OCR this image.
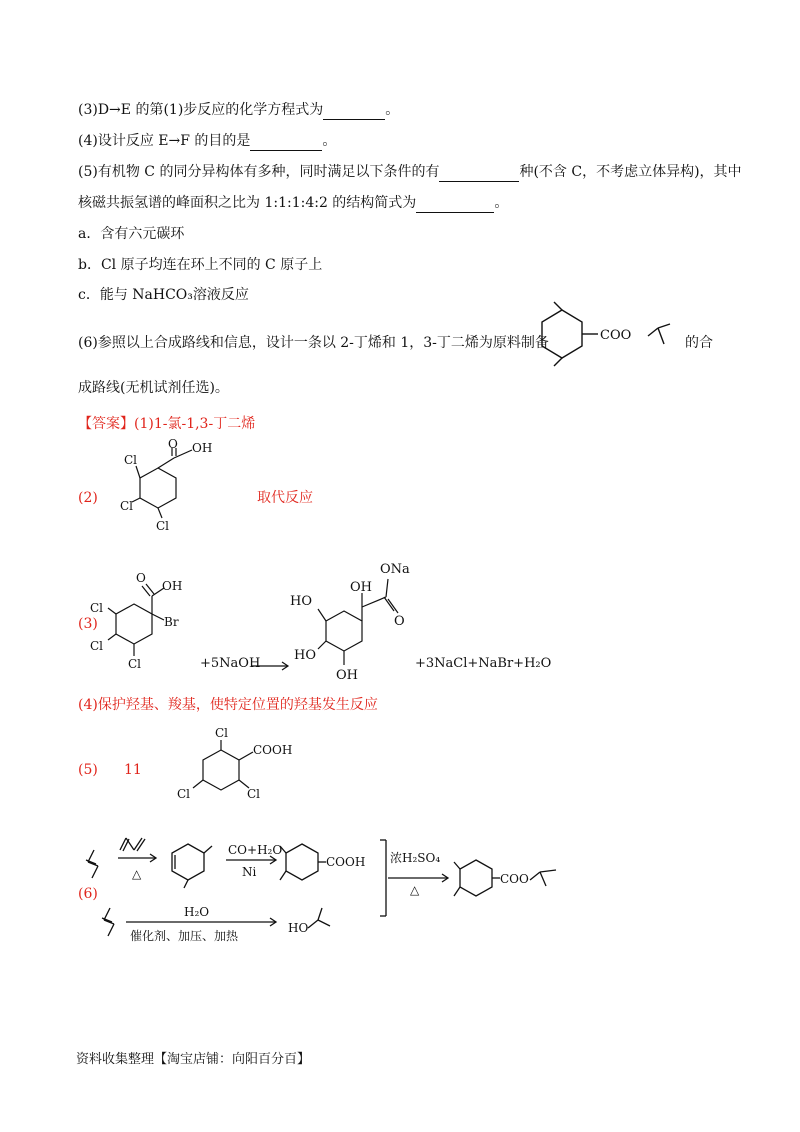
(3)D→E 的第(1)步反应的化学方程式为	。
(4)设计反应 E→F 的目的是	。
(5)有机物 C 的同分异构体有多种，同时满足以下条件的有	种(不含 C，不考虑立体异构)，其中
核磁共振氢谱的峰面积之比为 1:1:1:4:2 的结构简式为	。
a．含有六元碳环
b．Cl 原子均连在环上不同的 C 原子上
c．能与 NaHCO₃溶液反应
(6)参照以上合成路线和信息，设计一条以 2-丁烯和 1，3-丁二烯为原料制备	COO	的合
成路线(无机试剂任选)。
【答案】(1)1-氯-1,3-丁二烯
(2)
O OH
Cl
Cl
Cl
取代反应
(3)
O
OH
Br
Cl
Cl
Cl	+5NaOH
ONa
OH
O
HO
HO
OH
+3NaCl+NaBr+H₂O
(4)保护羟基、羧基，使特定位置的羟基发生反应
(5) 11
Cl
COOH
Cl	Cl
(6)
△
CO+H₂O
Ni
COOH 浓H₂SO₄
△
COO
H₂O
催化剂、加压、加热
HO
资料收集整理【淘宝店铺：向阳百分百】
